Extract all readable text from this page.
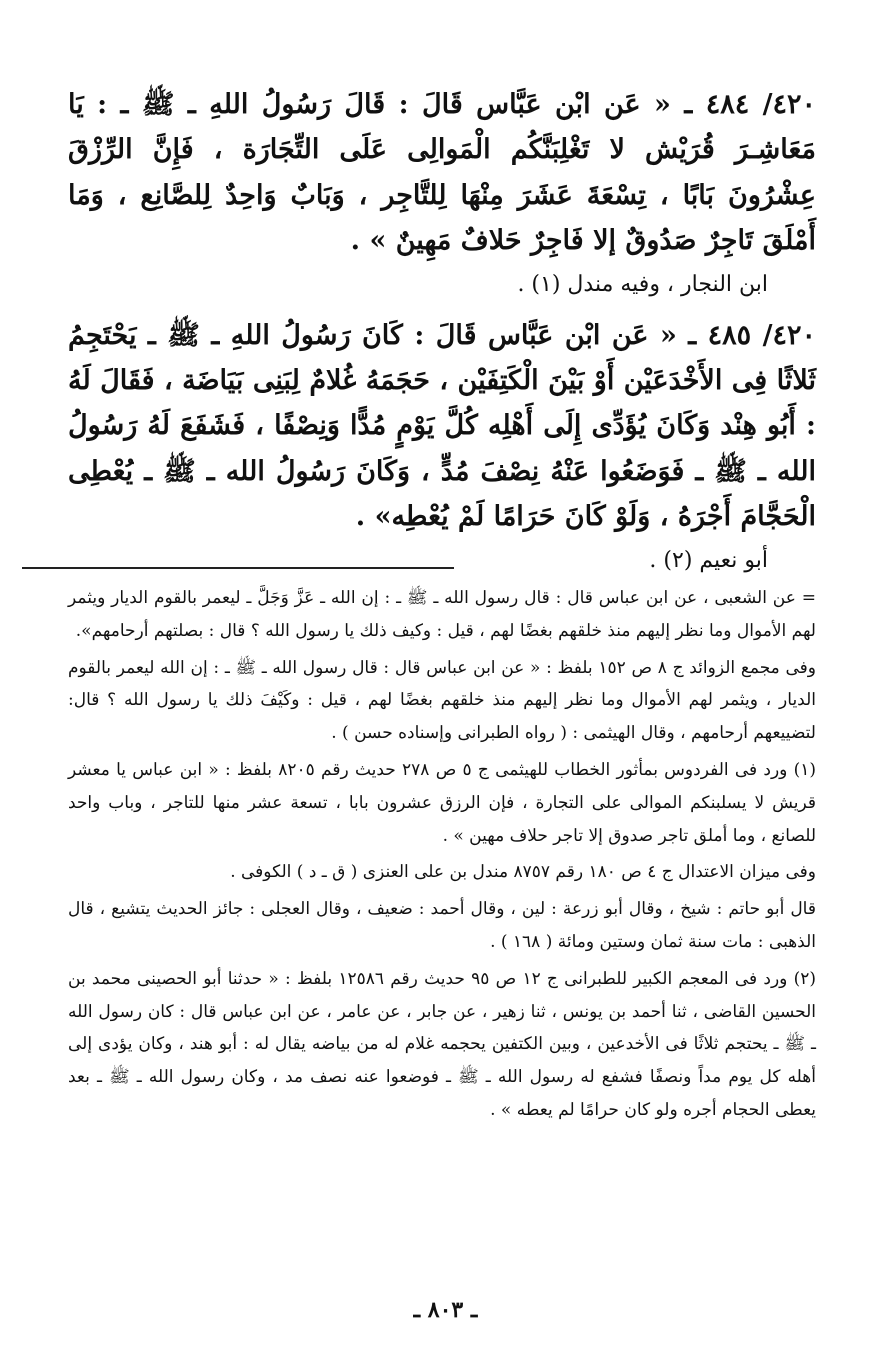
٤٢٠/ ٤٨٤ ـ « عَن ابْن عَبَّاس قَالَ : قَالَ رَسُولُ اللهِ ـ ﷺ ـ : يَا مَعَاشِـرَ قُرَيْش لا تَغْلِبَنَّكُم الْمَوالِى عَلَى التِّجَارَة ، فَإِنَّ الرِّزْقَ عِشْرُونَ بَابًا ، تِسْعَةَ عَشَرَ مِنْهَا لِلتَّاجِر ، وَبَابٌ وَاحِدٌ لِلصَّانِع ، وَمَا أَمْلَقَ تَاجِرٌ صَدُوقٌ إلا فَاجِرٌ حَلافٌ مَهِينٌ » .

ابن النجار ، وفيه مندل (١) .

٤٢٠/ ٤٨٥ ـ « عَن ابْن عَبَّاس قَالَ : كَانَ رَسُولُ اللهِ ـ ﷺ ـ يَحْتَجِمُ ثَلاثًا فِى الأَخْدَعَيْن أَوْ بَيْنَ الْكَتِفَيْن ، حَجَمَهُ غُلامٌ لِبَنِى بَيَاضَة ، فَقَالَ لَهُ : أَبُو هِنْد وَكَانَ يُؤَدِّى إِلَى أَهْلِه كُلَّ يَوْمٍ مُدًّا وَنِصْفًا ، فَشَفَعَ لَهُ رَسُولُ الله ـ ﷺ ـ فَوَضَعُوا عَنْهُ نِصْفَ مُدٍّ ، وَكَانَ رَسُولُ الله ـ ﷺ ـ يُعْطِى الْحَجَّامَ أَجْرَهُ ، وَلَوْ كَانَ حَرَامًا لَمْ يُعْطِه» .

أبو نعيم (٢) .

= عن الشعبى ، عن ابن عباس قال : قال رسول الله ـ ﷺ ـ : إن الله ـ عَزَّ وَجَلَّ ـ ليعمر بالقوم الديار ويثمر لهم الأموال وما نظر إليهم منذ خلقهم بغضًا لهم ، قيل : وكيف ذلك يا رسول الله ؟ قال : بصلتهم أرحامهم».

وفى مجمع الزوائد ج ٨ ص ١٥٢ بلفظ : « عن ابن عباس قال : قال رسول الله ـ ﷺ ـ : إن الله ليعمر بالقوم الديار ، ويثمر لهم الأموال وما نظر إليهم منذ خلقهم بغضًا لهم ، قيل : وكَيْفَ ذلك يا رسول الله ؟ قال: لتضييعهم أرحامهم ، وقال الهيثمى : ( رواه الطبرانى وإسناده حسن ) .

(١) ورد فى الفردوس بمأثور الخطاب للهيثمى ج ٥ ص ٢٧٨ حديث رقم ٨٢٠٥ بلفظ : « ابن عباس يا معشر قريش لا يسلبنكم الموالى على التجارة ، فإن الرزق عشرون بابا ، تسعة عشر منها للتاجر ، وباب واحد للصانع ، وما أملق تاجر صدوق إلا تاجر حلاف مهين » .

وفى ميزان الاعتدال ج ٤ ص ١٨٠ رقم ٨٧٥٧ مندل بن على العنزى ( ق ـ د ) الكوفى .

قال أبو حاتم : شيخ ، وقال أبو زرعة : لين ، وقال أحمد : ضعيف ، وقال العجلى : جائز الحديث يتشيع ، قال الذهبى : مات سنة ثمان وستين ومائة ( ١٦٨ ) .

(٢) ورد فى المعجم الكبير للطبرانى ج ١٢ ص ٩٥ حديث رقم ١٢٥٨٦ بلفظ : « حدثنا أبو الحصينى محمد بن الحسين القاضى ، ثنا أحمد بن يونس ، ثنا زهير ، عن جابر ، عن عامر ، عن ابن عباس قال : كان رسول الله ـ ﷺ ـ يحتجم ثلاثًا فى الأخدعين ، وبين الكتفين يحجمه غلام له من بياضه يقال له : أبو هند ، وكان يؤدى إلى أهله كل يوم مداً ونصفًا فشفع له رسول الله ـ ﷺ ـ فوضعوا عنه نصف مد ، وكان رسول الله ـ ﷺ ـ بعد يعطى الحجام أجره ولو كان حرامًا لم يعطه » .

ـ ٨٠٣ ـ
